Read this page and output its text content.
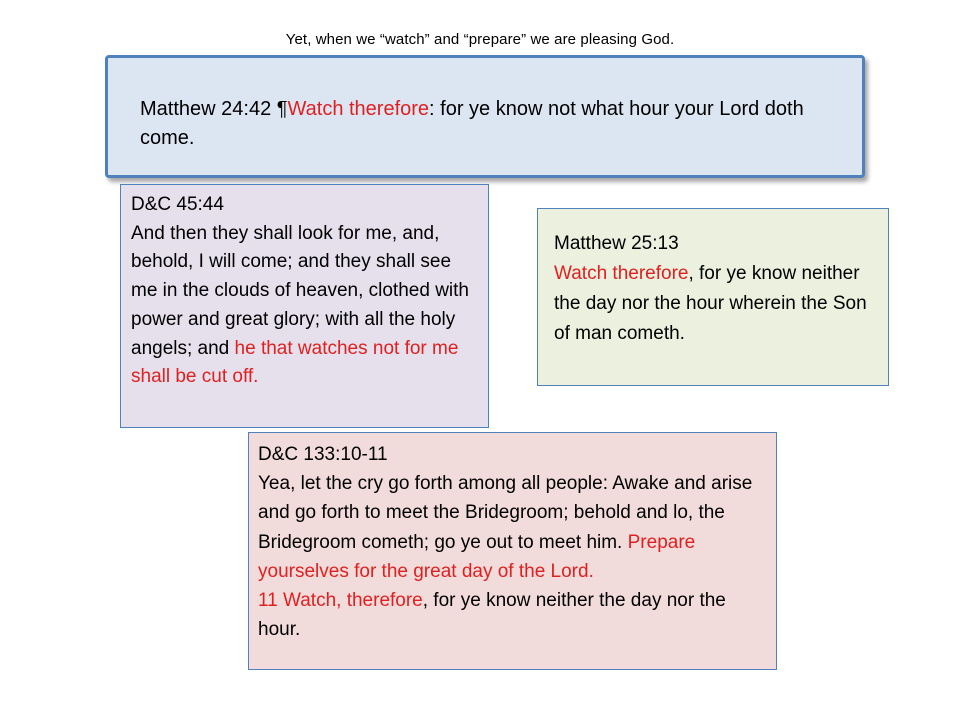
Yet, when we “watch” and “prepare” we are pleasing God.
Matthew 24:42 ¶Watch therefore: for ye know not what hour your Lord doth come.

D&C 45:44

And then they shall look for me, and, behold, I will come; and they shall see me in the clouds of heaven, clothed with power and great glory; with all the holy angels; and he that watches not for me shall be cut off.

Matthew 25:13

Watch therefore, for ye know neither the day nor the hour wherein the Son of man cometh.

D&C 133:10-11

Yea, let the cry go forth among all people: Awake and arise and go forth to meet the Bridegroom; behold and lo, the Bridegroom cometh; go ye out to meet him. Prepare yourselves for the great day of the Lord.

11 Watch, therefore, for ye know neither the day nor the hour.
